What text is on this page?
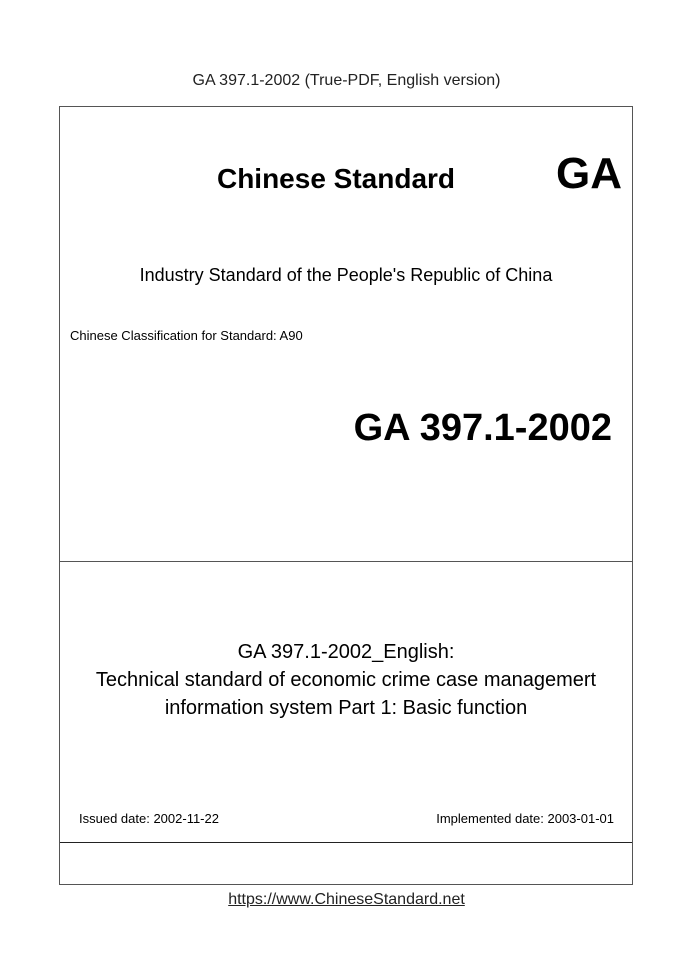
GA 397.1-2002 (True-PDF, English version)
Chinese Standard	GA
Industry Standard of the People's Republic of China
Chinese Classification for Standard: A90
GA 397.1-2002
GA 397.1-2002_English:
Technical standard of economic crime case managemert
information system Part 1: Basic function
Issued date: 2002-11-22	Implemented date: 2003-01-01
https://www.ChineseStandard.net
